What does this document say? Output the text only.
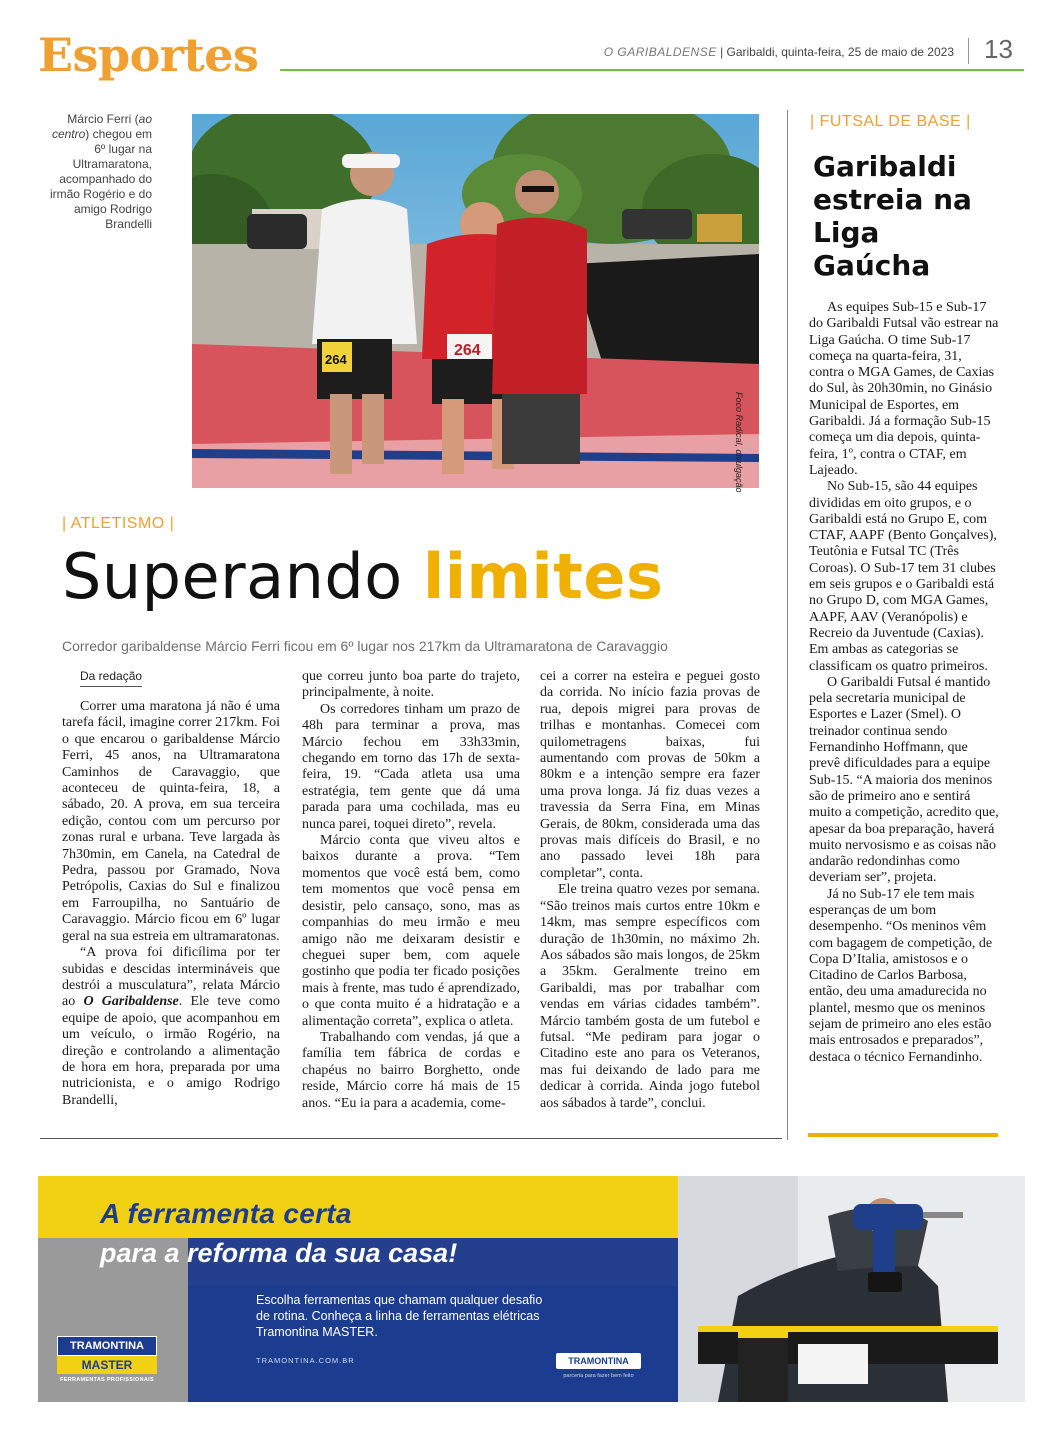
Esportes	O GARIBALDENSE | Garibaldi, quinta-feira, 25 de maio de 2023 13
Márcio Ferri (ao centro) chegou em 6º lugar na Ultramaratona, acompanhado do irmão Rogério e do amigo Rodrigo Brandelli
264
264
Foco Radical, divulgação
| ATLETISMO |
Superando limites
Corredor garibaldense Márcio Ferri ficou em 6º lugar nos 217km da Ultramaratona de Caravaggio
Da redação

Correr uma maratona já não é uma tarefa fácil, imagine correr 217km. Foi o que encarou o garibaldense Márcio Ferri, 45 anos, na Ultramaratona Caminhos de Caravaggio, que aconteceu de quinta-feira, 18, a sábado, 20. A prova, em sua terceira edição, contou com um percurso por zonas rural e urbana. Teve largada às 7h30min, em Canela, na Catedral de Pedra, passou por Gramado, Nova Petrópolis, Caxias do Sul e finalizou em Farroupilha, no Santuário de Caravaggio. Márcio ficou em 6º lugar geral na sua estreia em ultramaratonas.

“A prova foi dificílima por ter subidas e descidas intermináveis que destrói a musculatura”, relata Márcio ao O Garibaldense. Ele teve como equipe de apoio, que acompanhou em um veículo, o irmão Rogério, na direção e controlando a alimentação de hora em hora, preparada por uma nutricionista, e o amigo Rodrigo Brandelli,

que correu junto boa parte do trajeto, principalmente, à noite.

Os corredores tinham um prazo de 48h para terminar a prova, mas Márcio fechou em 33h33min, chegando em torno das 17h de sexta-feira, 19. “Cada atleta usa uma estratégia, tem gente que dá uma parada para uma cochilada, mas eu nunca parei, toquei direto”, revela.

Márcio conta que viveu altos e baixos durante a prova. “Tem momentos que você está bem, como tem momentos que você pensa em desistir, pelo cansaço, sono, mas as companhias do meu irmão e meu amigo não me deixaram desistir e cheguei super bem, com aquele gostinho que podia ter ficado posições mais à frente, mas tudo é aprendizado, o que conta muito é a hidratação e a alimentação correta”, explica o atleta.

Trabalhando com vendas, já que a família tem fábrica de cordas e chapéus no bairro Borghetto, onde reside, Márcio corre há mais de 15 anos. “Eu ia para a academia, come-

cei a correr na esteira e peguei gosto da corrida. No início fazia provas de rua, depois migrei para provas de trilhas e montanhas. Comecei com quilometragens baixas, fui aumentando com provas de 50km a 80km e a intenção sempre era fazer uma prova longa. Já fiz duas vezes a travessia da Serra Fina, em Minas Gerais, de 80km, considerada uma das provas mais difíceis do Brasil, e no ano passado levei 18h para completar”, conta.

Ele treina quatro vezes por semana. “São treinos mais curtos entre 10km e 14km, mas sempre específicos com duração de 1h30min, no máximo 2h. Aos sábados são mais longos, de 25km a 35km. Geralmente treino em Garibaldi, mas por trabalhar com vendas em várias cidades também”. Márcio também gosta de um futebol e futsal. “Me pediram para jogar o Citadino este ano para os Veteranos, mas fui deixando de lado para me dedicar à corrida. Ainda jogo futebol aos sábados à tarde”, conclui.

| FUTSAL DE BASE |
Garibaldi estreia na Liga Gaúcha

As equipes Sub-15 e Sub-17 do Garibaldi Futsal vão estrear na Liga Gaúcha. O time Sub-17 começa na quarta-feira, 31, contra o MGA Games, de Caxias do Sul, às 20h30min, no Ginásio Municipal de Esportes, em Garibaldi. Já a formação Sub-15 começa um dia depois, quinta-feira, 1º, contra o CTAF, em Lajeado.

No Sub-15, são 44 equipes divididas em oito grupos, e o Garibaldi está no Grupo E, com CTAF, AAPF (Bento Gonçalves), Teutônia e Futsal TC (Três Coroas). O Sub-17 tem 31 clubes em seis grupos e o Garibaldi está no Grupo D, com MGA Games, AAPF, AAV (Veranópolis) e Recreio da Juventude (Caxias). Em ambas as categorias se classificam os quatro primeiros.

O Garibaldi Futsal é mantido pela secretaria municipal de Esportes e Lazer (Smel). O treinador continua sendo Fernandinho Hoffmann, que prevê dificuldades para a equipe Sub-15. “A maioria dos meninos são de primeiro ano e sentirá muito a competição, acredito que, apesar da boa preparação, haverá muito nervosismo e as coisas não andarão redondinhas como deveriam ser”, projeta.

Já no Sub-17 ele tem mais esperanças de um bom desempenho. “Os meninos vêm com bagagem de competição, de Copa D’Italia, amistosos e o Citadino de Carlos Barbosa, então, deu uma amadurecida no plantel, mesmo que os meninos sejam de primeiro ano eles estão mais entrosados e preparados”, destaca o técnico Fernandinho.

A ferramenta certa
para a reforma da sua casa!
Escolha ferramentas que chamam qualquer desafio de rotina. Conheça a linha de ferramentas elétricas Tramontina MASTER.
TRAMONTINA.COM.BR
TRAMONTINA
MASTER
FERRAMENTAS PROFISSIONAIS
TRAMONTINA
parceria para fazer bem feito
